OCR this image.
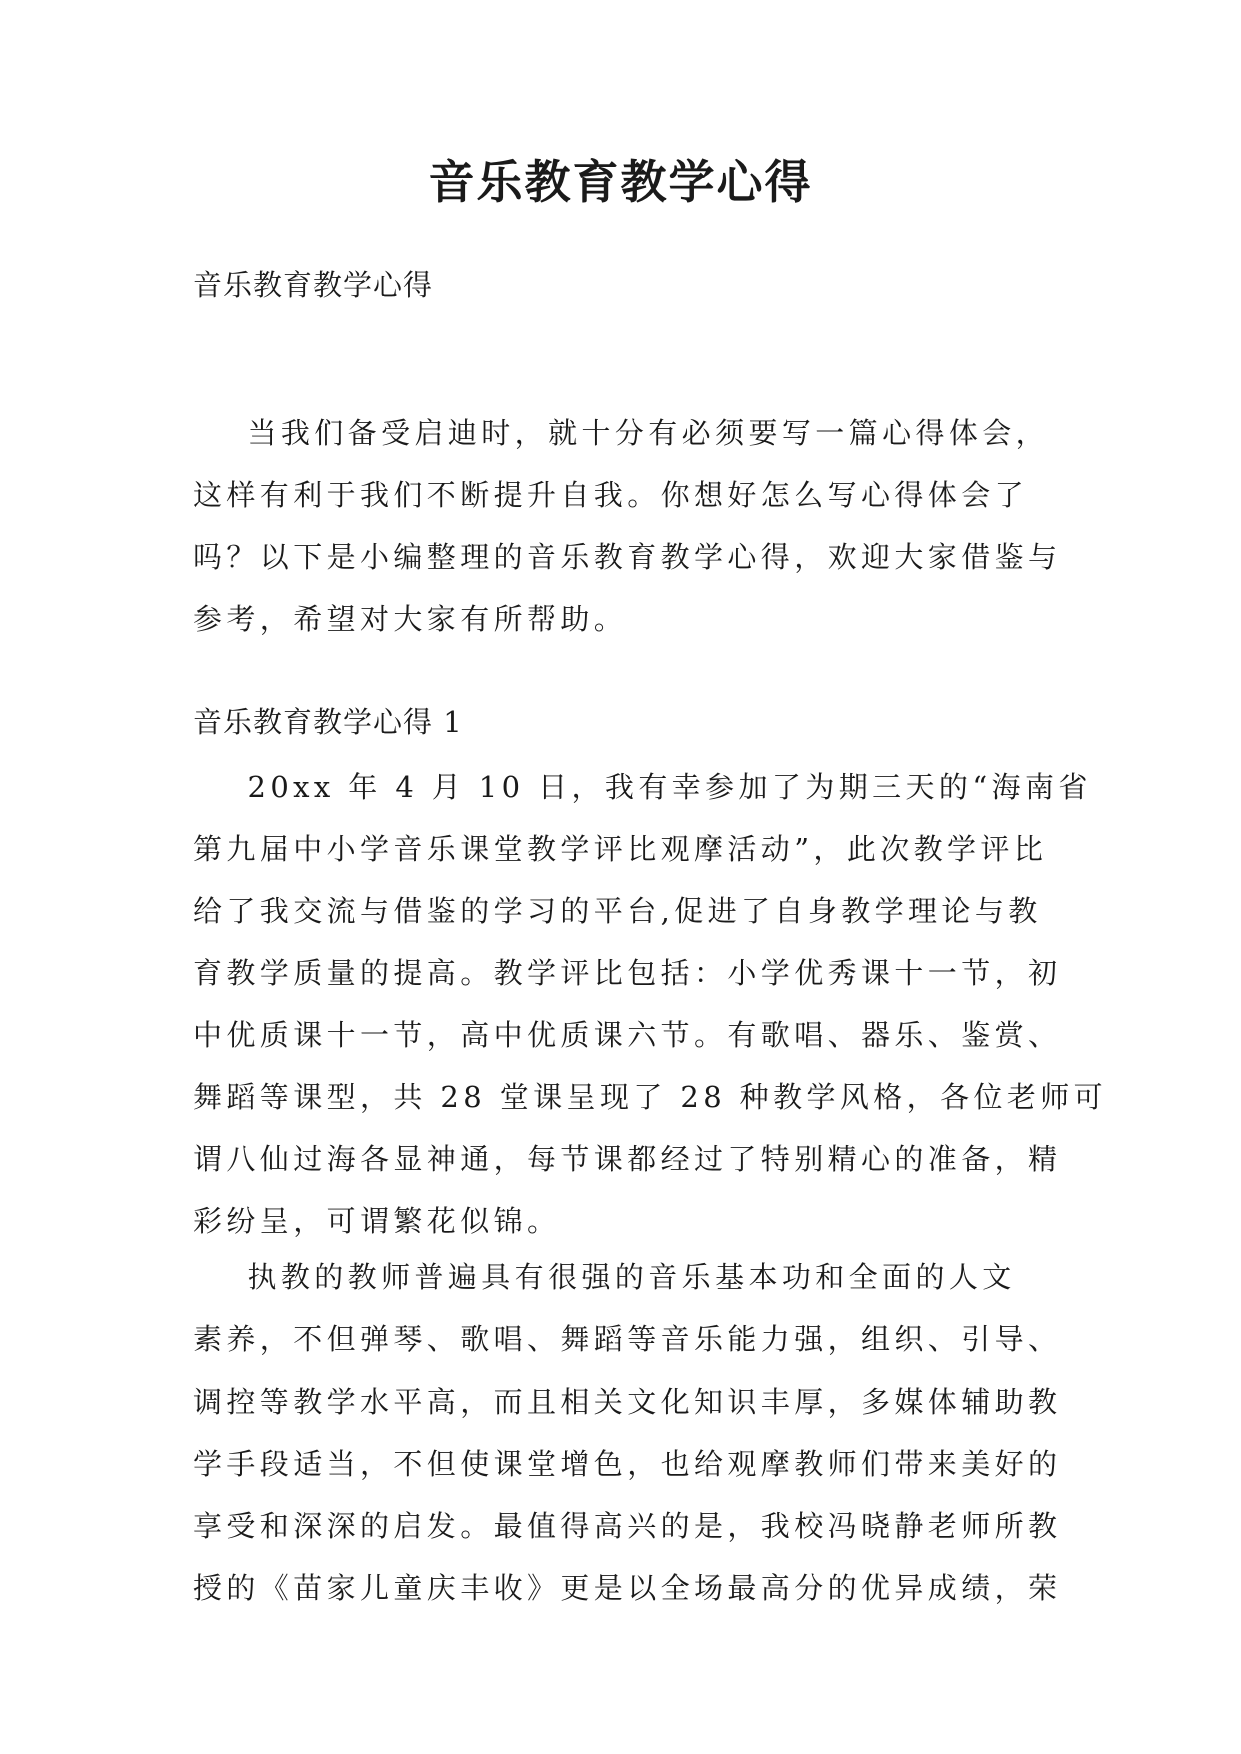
音乐教育教学心得
音乐教育教学心得
当我们备受启迪时，就十分有必须要写一篇心得体会，
这样有利于我们不断提升自我。你想好怎么写心得体会了
吗？以下是小编整理的音乐教育教学心得，欢迎大家借鉴与
参考，希望对大家有所帮助。
音乐教育教学心得 1
20xx 年 4 月 10 日，我有幸参加了为期三天的“海南省
第九届中小学音乐课堂教学评比观摩活动”，此次教学评比
给了我交流与借鉴的学习的平台,促进了自身教学理论与教
育教学质量的提高。教学评比包括：小学优秀课十一节，初
中优质课十一节，高中优质课六节。有歌唱、器乐、鉴赏、
舞蹈等课型，共 28 堂课呈现了 28 种教学风格，各位老师可
谓八仙过海各显神通，每节课都经过了特别精心的准备，精
彩纷呈，可谓繁花似锦。
执教的教师普遍具有很强的音乐基本功和全面的人文
素养，不但弹琴、歌唱、舞蹈等音乐能力强，组织、引导、
调控等教学水平高，而且相关文化知识丰厚，多媒体辅助教
学手段适当，不但使课堂增色，也给观摩教师们带来美好的
享受和深深的启发。最值得高兴的是，我校冯晓静老师所教
授的《苗家儿童庆丰收》更是以全场最高分的优异成绩，荣
